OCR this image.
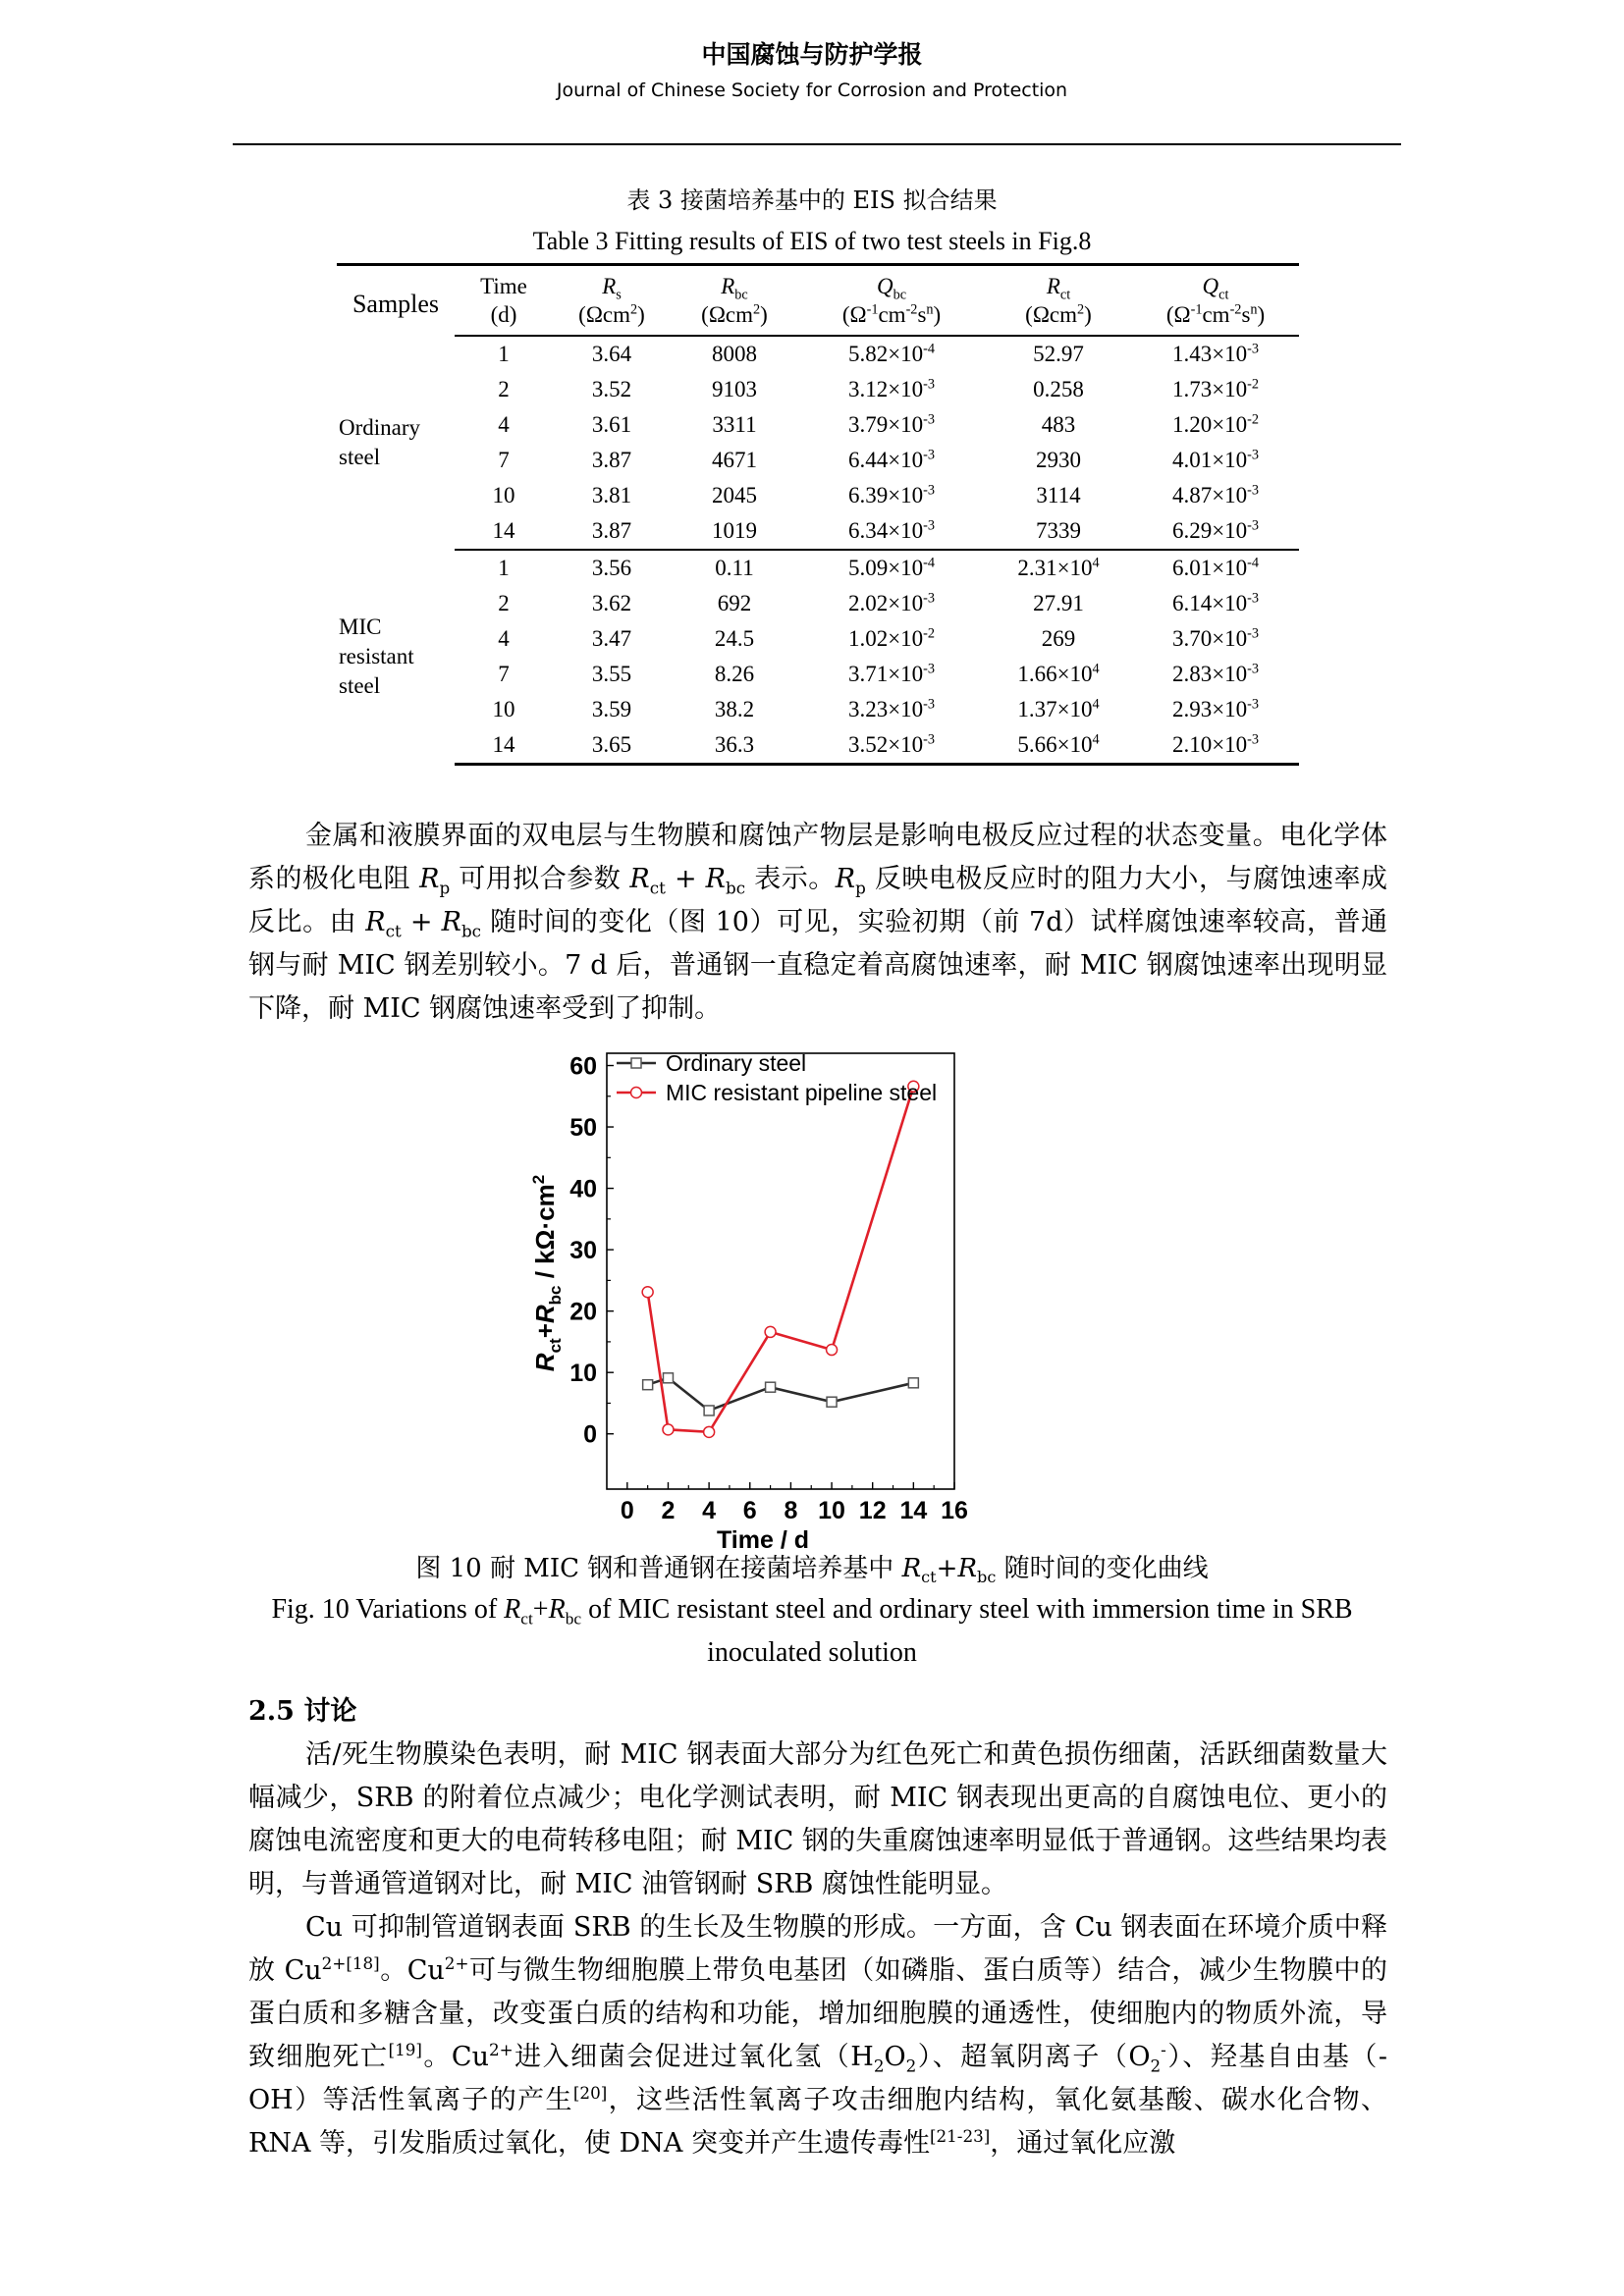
中国腐蚀与防护学报
Journal of Chinese Society for Corrosion and Protection
表 3 接菌培养基中的 EIS 拟合结果
Table 3 Fitting results of EIS of two test steels in Fig.8
Samples	Time	$R_s$	$R_{bc}$	$Q_{bc}$	$R_{ct}$	$Q_{ct}$
	(d)	(Ωcm$^2$)	(Ωcm$^2$)	$(\Omega^{-1}cm^{-2}s^n)$	(Ωcm$^2$)	$(\Omega^{-1}cm^{-2}s^n)$
Ordinary
steel	1	3.64	8008	$5.82\times 10^{-4}$	52.97	$1.43\times 10^{-3}$
	2	3.52	9103	$3.12\times 10^{-3}$	0.258	$1.73\times 10^{-2}$
	4	3.61	3311	$3.79\times 10^{-3}$	483	$1.20\times 10^{-2}$
	7	3.87	4671	$6.44\times 10^{-3}$	2930	$4.01\times 10^{-3}$
	10	3.81	2045	$6.39\times 10^{-3}$	3114	$4.87\times 10^{-3}$
	14	3.87	1019	$6.34\times 10^{-3}$	7339	$6.29\times 10^{-3}$
MIC resistant
steel	1	3.56	0.11	$5.09\times 10^{-4}$	$2.31\times 10^4$	$6.01\times 10^{-4}$
	2	3.62	692	$2.02\times 10^{-3}$	27.91	$6.14\times 10^{-3}$
	4	3.47	24.5	$1.02\times 10^{-2}$	269	$3.70\times 10^{-3}$
	7	3.55	8.26	$3.71\times 10^{-3}$	$1.66\times 10^4$	$2.83\times 10^{-3}$
	10	3.59	38.2	$3.23\times 10^{-3}$	$1.37\times 10^4$	$2.93\times 10^{-3}$
	14	3.65	36.3	$3.52\times 10^{-3}$	$5.66\times 10^4$	$2.10\times 10^{-3}$
金属和液膜界面的双电层与生物膜和腐蚀产物层是影响电极反应过程的状态变量。电化学体系的极化电阻 $R_p$ 可用拟合参数 $R_{ct} + R_{bc}$ 表示。$R_p$ 反映电极反应时的阻力大小，与腐蚀速率成反比。由 $R_{ct} + R_{bc}$ 随时间的变化（图 10）可见，实验初期（前 7d）试样腐蚀速率较高，普通钢与耐 MIC 钢差别较小。7 d 后，普通钢一直稳定着高腐蚀速率，耐 MIC 钢腐蚀速率出现明显下降，耐 MIC 钢腐蚀速率受到了抑制。
0 2 4 6 8 10 12 14 16
0
10
20
30
40
50
60
Time / d
$R_{ct}+R_{bc} / k\Omega\cdot cm^2$
Ordinary steel
MIC resistant pipeline steel
图 10 耐 MIC 钢和普通钢在接菌培养基中 $R_{ct}+R_{bc}$ 随时间的变化曲线
Fig. 10 Variations of $R_{ct}+R_{bc}$ of MIC resistant steel and ordinary steel with immersion time in SRB
inoculated solution
2.5 讨论
活/死生物膜染色表明，耐 MIC 钢表面大部分为红色死亡和黄色损伤细菌，活跃细菌数量大幅减少，SRB 的附着位点减少；电化学测试表明，耐 MIC 钢表现出更高的自腐蚀电位、更小的腐蚀电流密度和更大的电荷转移电阻；耐 MIC 钢的失重腐蚀速率明显低于普通钢。这些结果均表明，与普通管道钢对比，耐 MIC 油管钢耐 SRB 腐蚀性能明显。
Cu 可抑制管道钢表面 SRB 的生长及生物膜的形成。一方面，含 Cu 钢表面在环境介质中释放 $Cu^{2+[18]}$。$Cu^{2+}$可与微生物细胞膜上带负电基团（如磷脂、蛋白质等）结合，减少生物膜中的蛋白质和多糖含量，改变蛋白质的结构和功能，增加细胞膜的通透性，使细胞内的物质外流，导致细胞死亡[19]。$Cu^{2+}$进入细菌会促进过氧化氢$(H_2O_2)$、超氧阴离子$(O_2^-)$、羟基自由基（-OH）等活性氧离子的产生[20]，这些活性氧离子攻击细胞内结构，氧化氨基酸、碳水化合物、RNA 等，引发脂质过氧化，使 DNA 突变并产生遗传毒性[21-23]，通过氧化应激
